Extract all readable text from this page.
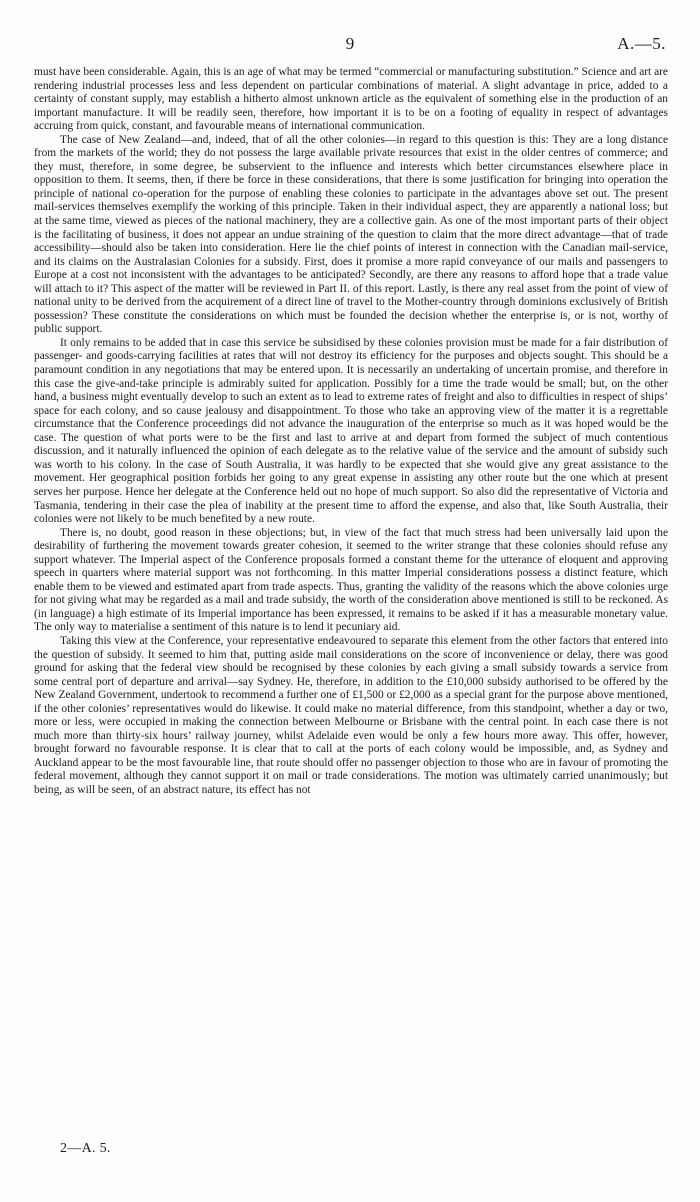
9	A.—5.

must have been considerable. Again, this is an age of what may be termed “commercial or manufacturing substitution.” Science and art are rendering industrial processes less and less dependent on particular combinations of material. A slight advantage in price, added to a certainty of constant supply, may establish a hitherto almost unknown article as the equivalent of something else in the production of an important manufacture. It will be readily seen, therefore, how important it is to be on a footing of equality in respect of advantages accruing from quick, constant, and favourable means of international communication.

The case of New Zealand—and, indeed, that of all the other colonies—in regard to this question is this: They are a long distance from the markets of the world; they do not possess the large available private resources that exist in the older centres of commerce; and they must, therefore, in some degree, be subservient to the influence and interests which better circumstances elsewhere place in opposition to them. It seems, then, if there be force in these considerations, that there is some justification for bringing into operation the principle of national co-operation for the purpose of enabling these colonies to participate in the advantages above set out. The present mail-services themselves exemplify the working of this principle. Taken in their individual aspect, they are apparently a national loss; but at the same time, viewed as pieces of the national machinery, they are a collective gain. As one of the most important parts of their object is the facilitating of business, it does not appear an undue straining of the question to claim that the more direct advantage—that of trade accessibility—should also be taken into consideration. Here lie the chief points of interest in connection with the Canadian mail-service, and its claims on the Australasian Colonies for a subsidy. First, does it promise a more rapid conveyance of our mails and passengers to Europe at a cost not inconsistent with the advantages to be anticipated? Secondly, are there any reasons to afford hope that a trade value will attach to it? This aspect of the matter will be reviewed in Part II. of this report. Lastly, is there any real asset from the point of view of national unity to be derived from the acquirement of a direct line of travel to the Mother-country through dominions exclusively of British possession? These constitute the considerations on which must be founded the decision whether the enterprise is, or is not, worthy of public support.

It only remains to be added that in case this service be subsidised by these colonies provision must be made for a fair distribution of passenger- and goods-carrying facilities at rates that will not destroy its efficiency for the purposes and objects sought. This should be a paramount condition in any negotiations that may be entered upon. It is necessarily an undertaking of uncertain promise, and therefore in this case the give-and-take principle is admirably suited for application. Possibly for a time the trade would be small; but, on the other hand, a business might eventually develop to such an extent as to lead to extreme rates of freight and also to difficulties in respect of ships’ space for each colony, and so cause jealousy and disappointment. To those who take an approving view of the matter it is a regrettable circumstance that the Conference proceedings did not advance the inauguration of the enterprise so much as it was hoped would be the case. The question of what ports were to be the first and last to arrive at and depart from formed the subject of much contentious discussion, and it naturally influenced the opinion of each delegate as to the relative value of the service and the amount of subsidy such was worth to his colony. In the case of South Australia, it was hardly to be expected that she would give any great assistance to the movement. Her geographical position forbids her going to any great expense in assisting any other route but the one which at present serves her purpose. Hence her delegate at the Conference held out no hope of much support. So also did the representative of Victoria and Tasmania, tendering in their case the plea of inability at the present time to afford the expense, and also that, like South Australia, their colonies were not likely to be much benefited by a new route.

There is, no doubt, good reason in these objections; but, in view of the fact that much stress had been universally laid upon the desirability of furthering the movement towards greater cohesion, it seemed to the writer strange that these colonies should refuse any support whatever. The Imperial aspect of the Conference proposals formed a constant theme for the utterance of eloquent and approving speech in quarters where material support was not forthcoming. In this matter Imperial considerations possess a distinct feature, which enable them to be viewed and estimated apart from trade aspects. Thus, granting the validity of the reasons which the above colonies urge for not giving what may be regarded as a mail and trade subsidy, the worth of the consideration above mentioned is still to be reckoned. As (in language) a high estimate of its Imperial importance has been expressed, it remains to be asked if it has a measurable monetary value. The only way to materialise a sentiment of this nature is to lend it pecuniary aid.

Taking this view at the Conference, your representative endeavoured to separate this element from the other factors that entered into the question of subsidy. It seemed to him that, putting aside mail considerations on the score of inconvenience or delay, there was good ground for asking that the federal view should be recognised by these colonies by each giving a small subsidy towards a service from some central port of departure and arrival—say Sydney. He, therefore, in addition to the £10,000 subsidy authorised to be offered by the New Zealand Government, undertook to recommend a further one of £1,500 or £2,000 as a special grant for the purpose above mentioned, if the other colonies’ representatives would do likewise. It could make no material difference, from this standpoint, whether a day or two, more or less, were occupied in making the connection between Melbourne or Brisbane with the central point. In each case there is not much more than thirty-six hours’ railway journey, whilst Adelaide even would be only a few hours more away. This offer, however, brought forward no favourable response. It is clear that to call at the ports of each colony would be impossible, and, as Sydney and Auckland appear to be the most favourable line, that route should offer no passenger objection to those who are in favour of promoting the federal movement, although they cannot support it on mail or trade considerations. The motion was ultimately carried unanimously; but being, as will be seen, of an abstract nature, its effect has not

2—A. 5.
